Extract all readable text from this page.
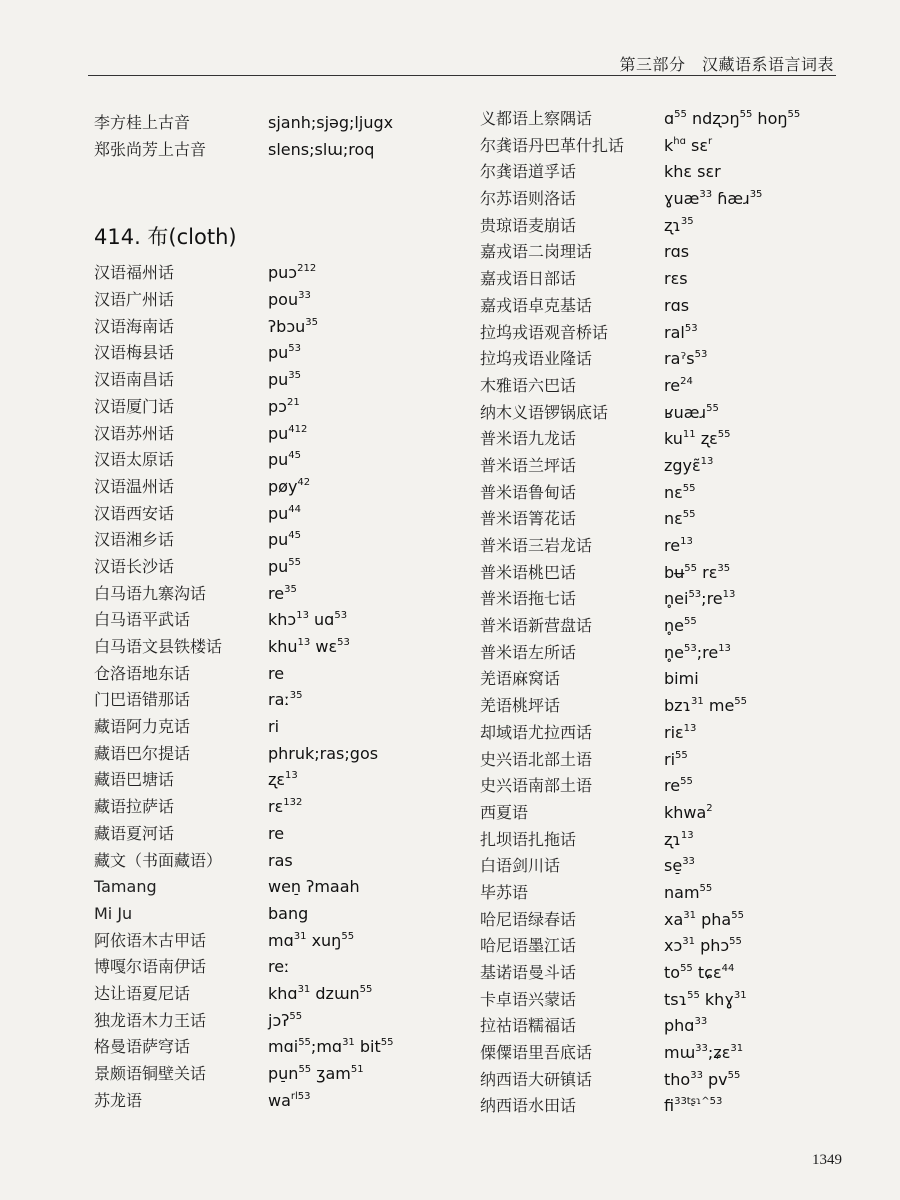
第三部分　汉藏语系语言词表
李方桂上古音	sjanh;sjəg;ljugx
郑张尚芳上古音	slens;slɯ;roq
414. 布(cloth)
汉语福州话	puɔ$^{212}$
汉语广州话	pou$^{33}$
汉语海南话	ʔbɔu$^{35}$
汉语梅县话	$pu^{53}$
汉语南昌话	$pu^{35}$
汉语厦门话	pɔ$^{21}$
汉语苏州话	$pu^{412}$
汉语太原话	$pu^{45}$
汉语温州话	pøy$^{42}$
汉语西安话	$pu^{44}$
汉语湘乡话	$pu^{45}$
汉语长沙话	$pu^{55}$
白马语九寨沟话	$re^{35}$
白马语平武话	khɔ$^{13}$ uɑ$^{53}$
白马语文县铁楼话	khu$^{13}$ wɛ$^{53}$
仓洛语地东话	re
门巴语错那话	raː$^{35}$
藏语阿力克话	ri
藏语巴尔提话	phruk;ras;gos
藏语巴塘话	ʐɛ$^{13}$
藏语拉萨话	rɛ$^{132}$
藏语夏河话	re
藏文（书面藏语）	ras
Tamang	wen̠ ʔmaah
Mi Ju	bang
阿依语木古甲话	mɑ$^{31}$ xuŋ$^{55}$
博嘎尔语南伊话	reː
达让语夏尼话	khɑ$^{31}$ dzɯn$^{55}$
独龙语木力王话	jɔʔ$^{55}$
格曼语萨穹话	mɑi$^{55}$;mɑ$^{31}$ bit$^{55}$
景颇语铜壁关话	$pu̠n^{55}$ ʒam$^{51}$
苏龙语	$wa^{rl53}$
义都语上察隅话	ɑ$^{55}$ ndʐɔŋ$^{55}$ hoŋ$^{55}$
尔龚语丹巴革什扎话 $k^{hɑ}$ sɛ$^r$
尔龚语道孚话	khɛ sɛr
尔苏语则洛话	ɣuæ$^{33}$ ɦæɹ$^{35}$
贵琼语麦崩话	ʐɿ$^{35}$
嘉戎语二岗理话	rɑs
嘉戎语日部话	rɛs
嘉戎语卓克基话	rɑs
拉坞戎语观音桥话	ral$^{53}$
拉坞戎语业隆话	raˀs$^{53}$
木雅语六巴话	$re^{24}$
纳木义语锣锅底话	ʁuæɹ$^{55}$
普米语九龙话	$ku^{11}$ ʐɛ$^{55}$
普米语兰坪话	zgyɛ̃$^{13}$
普米语鲁甸话	nɛ$^{55}$
普米语箐花话	nɛ$^{55}$
普米语三岩龙话	$re^{13}$
普米语桃巴话	bʉ$^{55}$ rɛ$^{35}$
普米语拖七话	$n̥ei^{53};re^{13}$
普米语新营盘话	$n̥e^{55}$
普米语左所话	$n̥e^{53};re^{13}$
羌语麻窝话	bimi
羌语桃坪话	bzɿ$^{31}$ $me^{55}$
却域语尤拉西话	riɛ$^{13}$
史兴语北部土语	$ri^{55}$
史兴语南部土语	$re^{55}$
西夏语	khwa$^2$
扎坝语扎拖话	ʐɿ$^{13}$
白语剑川话	se̠$^{33}$
毕苏语	nam$^{55}$
哈尼语绿春话	$xa^{31}$ pha$^{55}$
哈尼语墨江话	xɔ$^{31}$ phɔ$^{55}$
基诺语曼斗话	$to^{55}$ tɕɛ$^{44}$
卡卓语兴蒙话	tsɿ$^{55}$ khɣ$^{31}$
拉祜语糯福话	phɑ$^{33}$
傈僳语里吾底话	mɯ$^{33}$;ʑɛ$^{31}$
纳西语大研镇话	tho$^{33}$ $pv^{55}$
纳西语水田话	$fi^{33tʂɿ\^{}53}$
1349
